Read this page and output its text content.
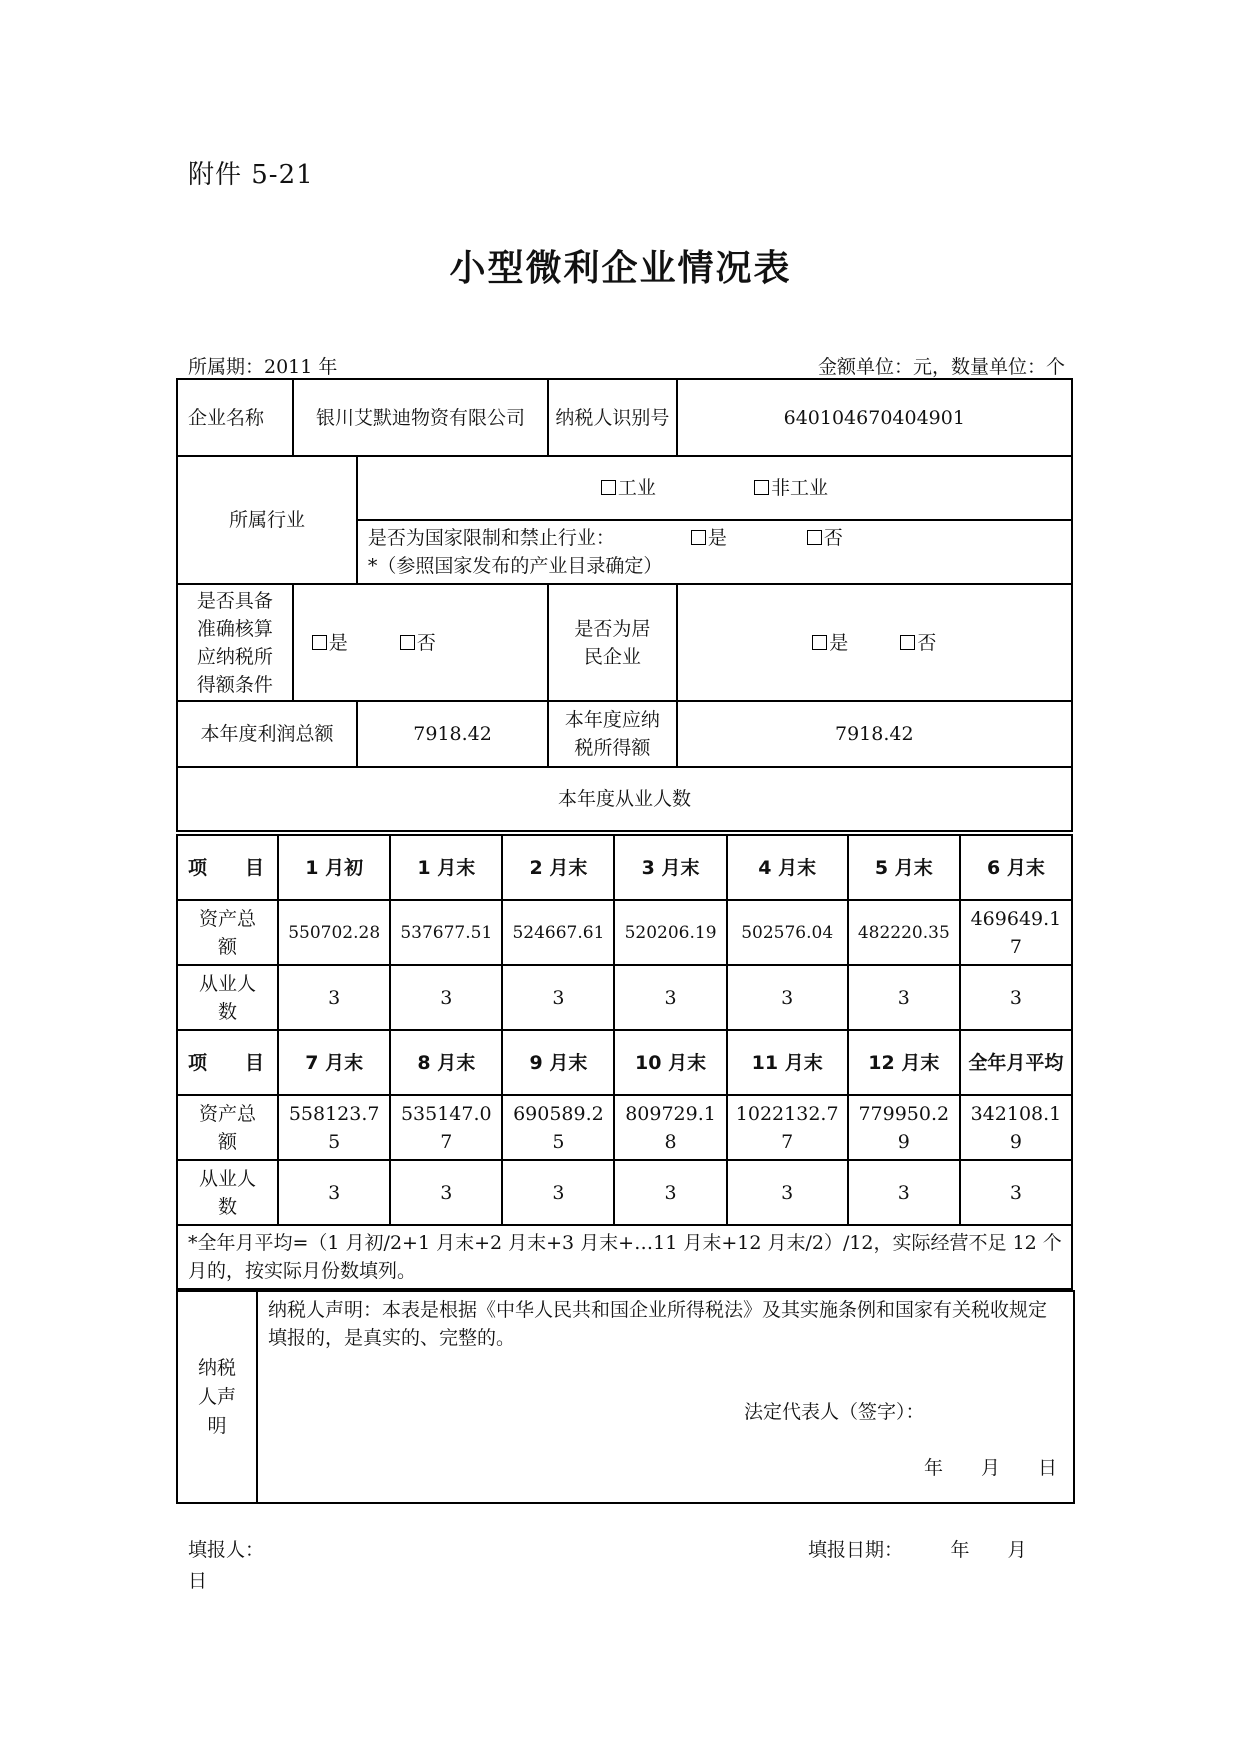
附件 5-21
小型微利企业情况表
所属期：2011 年	金额单位：元，数量单位：个
企业名称	银川艾默迪物资有限公司		纳税人识别号	640104670404901
所属行业		工业 非工业		

		是否为国家限制和禁止行业： 是 否
*（参照国家发布的产业目录确定）		

是否具备准确核算应纳税所得额条件	是 否		是否为居民企业	是 否
本年度利润总额		7918.42	本年度应纳税所得额	7918.42
本年度从业人数				
项　　目	1 月初	1 月末	2 月末	3 月末	4 月末	5 月末	6 月末
资产总额	550702.28	537677.51	524667.61	520206.19	502576.04	482220.35	469649.17
从业人数	3	3	3	3	3	3	3
项　　目	7 月末	8 月末	9 月末	10 月末	11 月末	12 月末	全年月平均
资产总额	558123.75	535147.07	690589.25	809729.18	1022132.77	779950.29	342108.19
从业人数	3	3	3	3	3	3	3
*全年月平均=（1 月初/2+1 月末+2 月末+3 月末+…11 月末+12 月末/2）/12，实际经营不足 12 个月的，按实际月份数填列。							
纳税人声明	
纳税人声明：本表是根据《中华人民共和国企业所得税法》及其实施条例和国家有关税收规定填报的，是真实的、完整的。
法定代表人（签字）：
年　　月　　日
填报人：	填报日期：　　　年　　月
日
